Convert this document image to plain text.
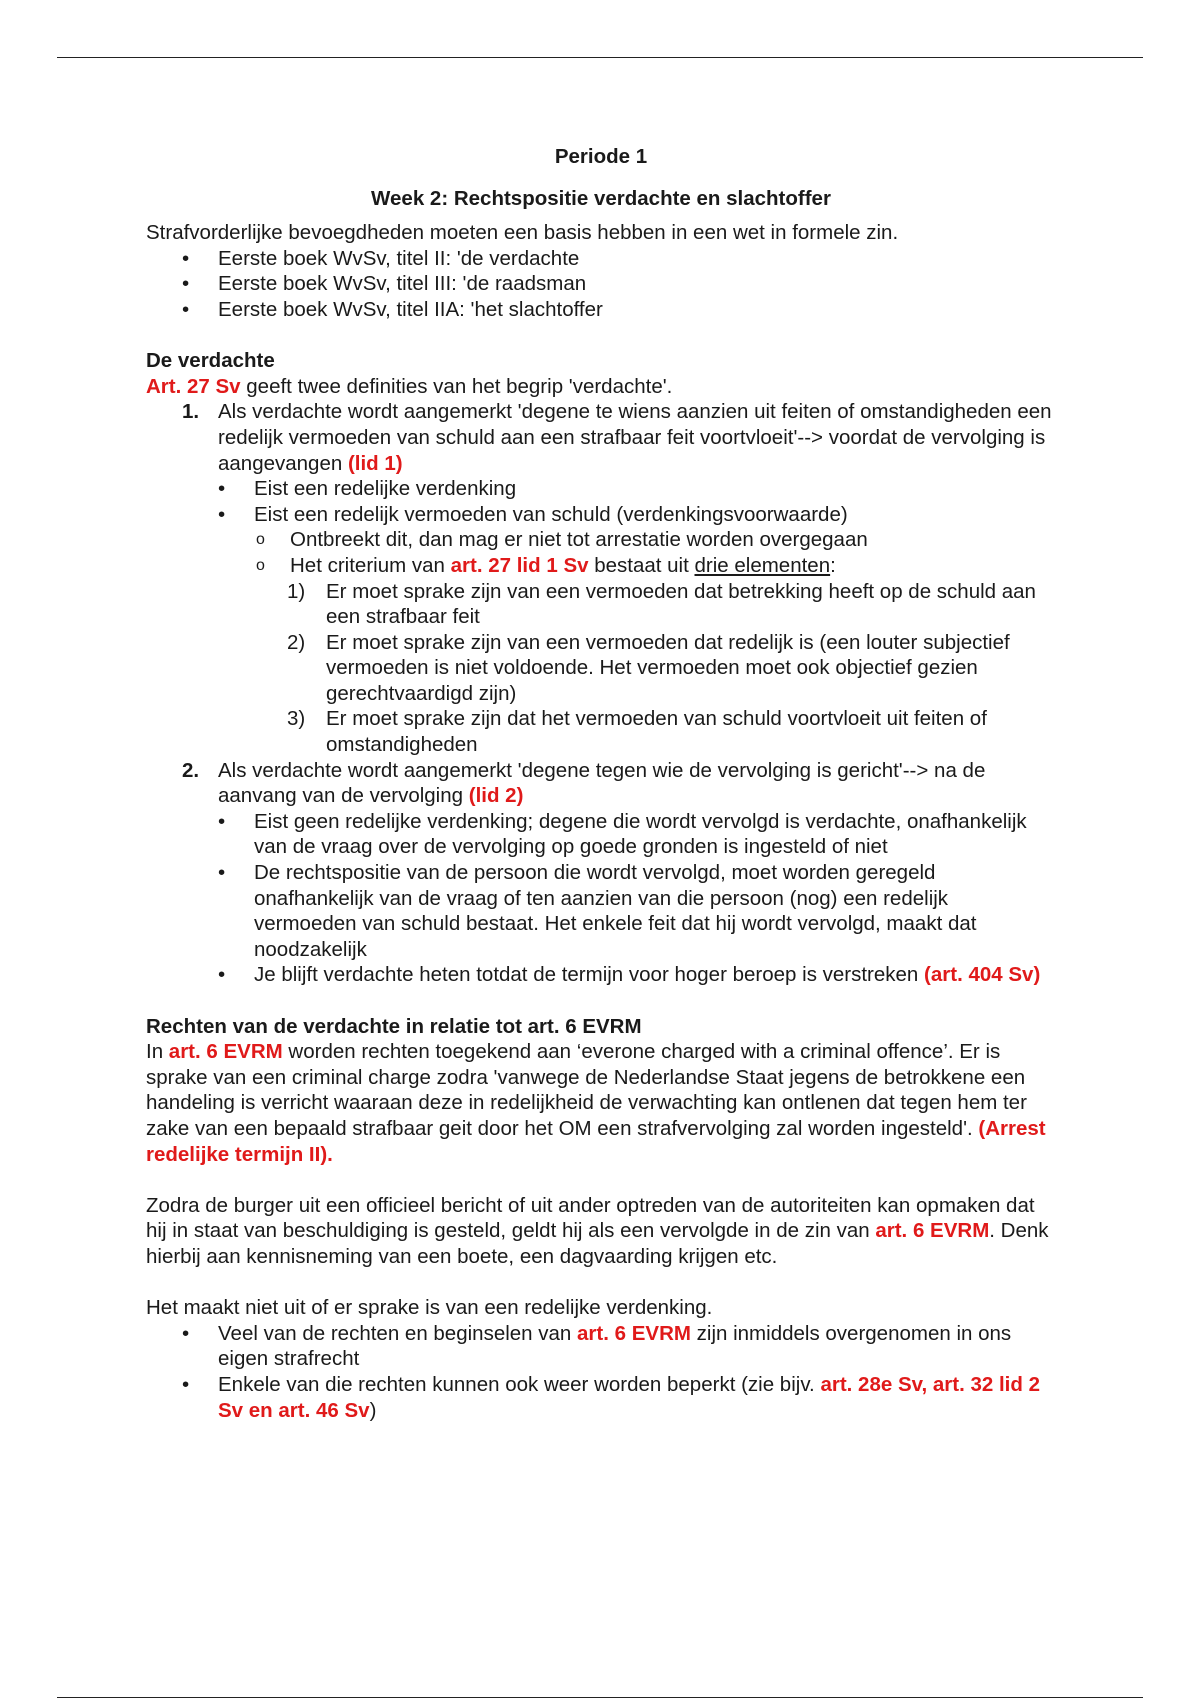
Periode 1

Week 2: Rechtspositie verdachte en slachtoffer

Strafvorderlijke bevoegdheden moeten een basis hebben in een wet in formele zin.

• Eerste boek WvSv, titel II: 'de verdachte
• Eerste boek WvSv, titel III: 'de raadsman
• Eerste boek WvSv, titel IIA: 'het slachtoffer

De verdachte

Art. 27 Sv geeft twee definities van het begrip 'verdachte'.

1. Als verdachte wordt aangemerkt 'degene te wiens aanzien uit feiten of omstandigheden een redelijk vermoeden van schuld aan een strafbaar feit voortvloeit'--> voordat de vervolging is aangevangen (lid 1)
• Eist een redelijke verdenking
• Eist een redelijk vermoeden van schuld (verdenkingsvoorwaarde)
o Ontbreekt dit, dan mag er niet tot arrestatie worden overgegaan
o Het criterium van art. 27 lid 1 Sv bestaat uit drie elementen:
1) Er moet sprake zijn van een vermoeden dat betrekking heeft op de schuld aan een strafbaar feit
2) Er moet sprake zijn van een vermoeden dat redelijk is (een louter subjectief vermoeden is niet voldoende. Het vermoeden moet ook objectief gezien gerechtvaardigd zijn)
3) Er moet sprake zijn dat het vermoeden van schuld voortvloeit uit feiten of omstandigheden
2. Als verdachte wordt aangemerkt 'degene tegen wie de vervolging is gericht'--> na de aanvang van de vervolging (lid 2)
• Eist geen redelijke verdenking; degene die wordt vervolgd is verdachte, onafhankelijk van de vraag over de vervolging op goede gronden is ingesteld of niet
• De rechtspositie van de persoon die wordt vervolgd, moet worden geregeld onafhankelijk van de vraag of ten aanzien van die persoon (nog) een redelijk vermoeden van schuld bestaat. Het enkele feit dat hij wordt vervolgd, maakt dat noodzakelijk
• Je blijft verdachte heten totdat de termijn voor hoger beroep is verstreken (art. 404 Sv)

Rechten van de verdachte in relatie tot art. 6 EVRM

In art. 6 EVRM worden rechten toegekend aan ‘everone charged with a criminal offence’. Er is sprake van een criminal charge zodra 'vanwege de Nederlandse Staat jegens de betrokkene een handeling is verricht waaraan deze in redelijkheid de verwachting kan ontlenen dat tegen hem ter zake van een bepaald strafbaar geit door het OM een strafvervolging zal worden ingesteld'. (Arrest redelijke termijn II).

Zodra de burger uit een officieel bericht of uit ander optreden van de autoriteiten kan opmaken dat hij in staat van beschuldiging is gesteld, geldt hij als een vervolgde in de zin van art. 6 EVRM. Denk hierbij aan kennisneming van een boete, een dagvaarding krijgen etc.

Het maakt niet uit of er sprake is van een redelijke verdenking.

• Veel van de rechten en beginselen van art. 6 EVRM zijn inmiddels overgenomen in ons eigen strafrecht
• Enkele van die rechten kunnen ook weer worden beperkt (zie bijv. art. 28e Sv, art. 32 lid 2 Sv en art. 46 Sv)
